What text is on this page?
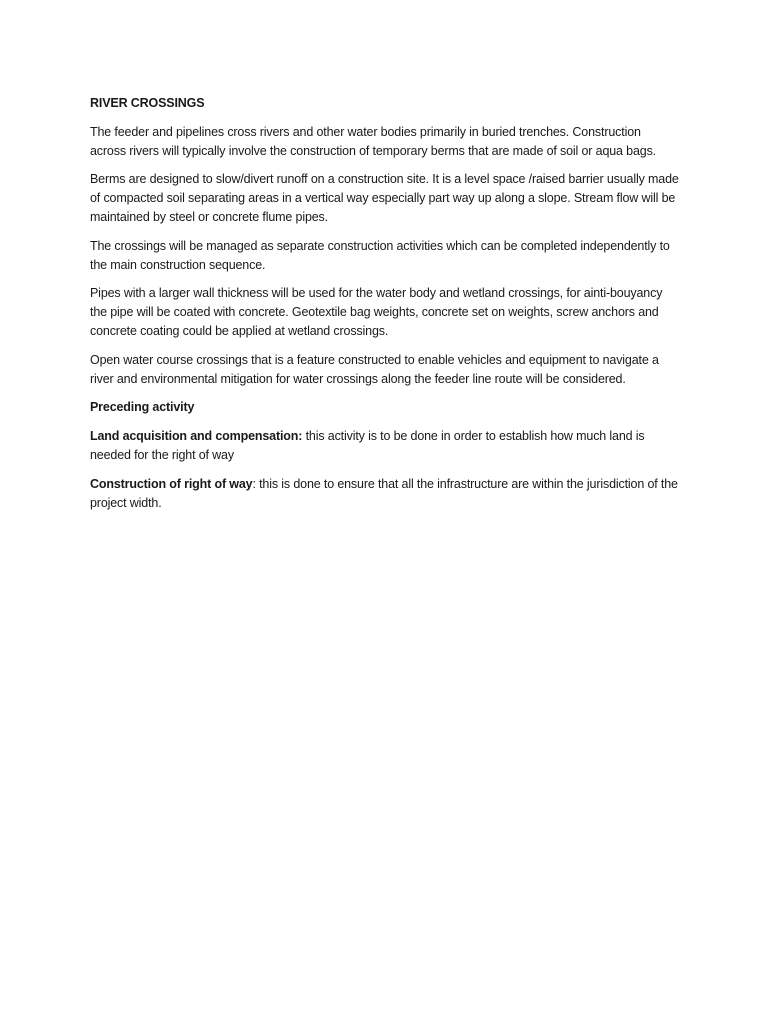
RIVER CROSSINGS

The feeder and pipelines cross rivers and other water bodies primarily in buried trenches. Construction across rivers will typically involve the construction of temporary berms that are made of soil or aqua bags.

Berms are designed to slow/divert runoff on a construction site. It is a level space /raised barrier usually made of compacted soil separating areas in a vertical way especially part way up along a slope. Stream flow will be maintained by steel or concrete flume pipes.

The crossings will be managed as separate construction activities which can be completed independently to the main construction sequence.

Pipes with a larger wall thickness will be used for the water body and wetland crossings, for ainti-bouyancy the pipe will be coated with concrete. Geotextile bag weights, concrete set on weights, screw anchors and concrete coating could be applied at wetland crossings.

Open water course crossings that is a feature constructed to enable vehicles and equipment to navigate a river and environmental mitigation for water crossings along the feeder line route will be considered.

Preceding activity

Land acquisition and compensation: this activity is to be done in order to establish how much land is needed for the right of way

Construction of right of way: this is done to ensure that all the infrastructure are within the jurisdiction of the project width.
